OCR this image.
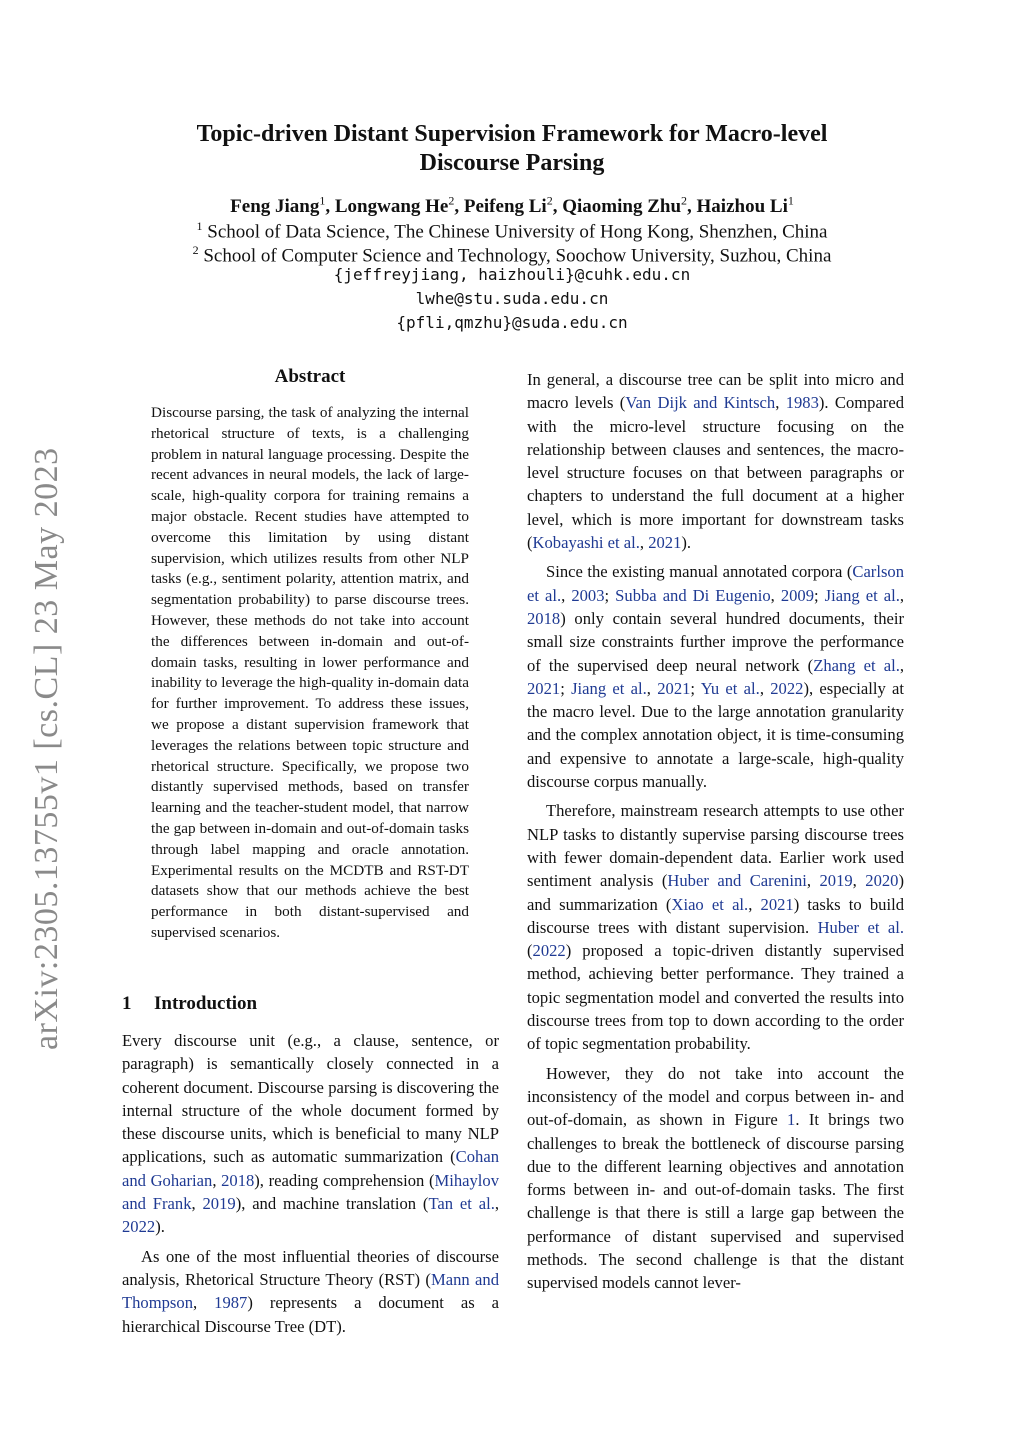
arXiv:2305.13755v1 [cs.CL] 23 May 2023
Topic-driven Distant Supervision Framework for Macro-level
Discourse Parsing
Feng Jiang$^1$, Longwang He$^2$, Peifeng Li$^2$, Qiaoming Zhu$^2$, Haizhou Li$^1$
$^1$ School of Data Science, The Chinese University of Hong Kong, Shenzhen, China
$^2$ School of Computer Science and Technology, Soochow University, Suzhou, China
{jeffreyjiang, haizhouli}@cuhk.edu.cn
lwhe@stu.suda.edu.cn
{pfli,qmzhu}@suda.edu.cn
Abstract

Discourse parsing, the task of analyzing the internal rhetorical structure of texts, is a challenging problem in natural language processing. Despite the recent advances in neural models, the lack of large-scale, high-quality corpora for training remains a major obstacle. Recent studies have attempted to overcome this limitation by using distant supervision, which utilizes results from other NLP tasks (e.g., sentiment polarity, attention matrix, and segmentation probability) to parse discourse trees. However, these methods do not take into account the differences between in-domain and out-of-domain tasks, resulting in lower performance and inability to leverage the high-quality in-domain data for further improvement. To address these issues, we propose a distant supervision framework that leverages the relations between topic structure and rhetorical structure. Specifically, we propose two distantly supervised methods, based on transfer learning and the teacher-student model, that narrow the gap between in-domain and out-of-domain tasks through label mapping and oracle annotation. Experimental results on the MCDTB and RST-DT datasets show that our methods achieve the best performance in both distant-supervised and supervised scenarios.

1 Introduction

Every discourse unit (e.g., a clause, sentence, or paragraph) is semantically closely connected in a coherent document. Discourse parsing is discovering the internal structure of the whole document formed by these discourse units, which is beneficial to many NLP applications, such as automatic summarization (Cohan and Goharian, 2018), reading comprehension (Mihaylov and Frank, 2019), and machine translation (Tan et al., 2022).

As one of the most influential theories of discourse analysis, Rhetorical Structure Theory (RST) (Mann and Thompson, 1987) represents a document as a hierarchical Discourse Tree (DT).

In general, a discourse tree can be split into micro and macro levels (Van Dijk and Kintsch, 1983). Compared with the micro-level structure focusing on the relationship between clauses and sentences, the macro-level structure focuses on that between paragraphs or chapters to understand the full document at a higher level, which is more important for downstream tasks (Kobayashi et al., 2021).

Since the existing manual annotated corpora (Carlson et al., 2003; Subba and Di Eugenio, 2009; Jiang et al., 2018) only contain several hundred documents, their small size constraints further improve the performance of the supervised deep neural network (Zhang et al., 2021; Jiang et al., 2021; Yu et al., 2022), especially at the macro level. Due to the large annotation granularity and the complex annotation object, it is time-consuming and expensive to annotate a large-scale, high-quality discourse corpus manually.

Therefore, mainstream research attempts to use other NLP tasks to distantly supervise parsing discourse trees with fewer domain-dependent data. Earlier work used sentiment analysis (Huber and Carenini, 2019, 2020) and summarization (Xiao et al., 2021) tasks to build discourse trees with distant supervision. Huber et al. (2022) proposed a topic-driven distantly supervised method, achieving better performance. They trained a topic segmentation model and converted the results into discourse trees from top to down according to the order of topic segmentation probability.

However, they do not take into account the inconsistency of the model and corpus between in- and out-of-domain, as shown in Figure 1. It brings two challenges to break the bottleneck of discourse parsing due to the different learning objectives and annotation forms between in- and out-of-domain tasks. The first challenge is that there is still a large gap between the performance of distant supervised and supervised methods. The second challenge is that the distant supervised models cannot lever-
